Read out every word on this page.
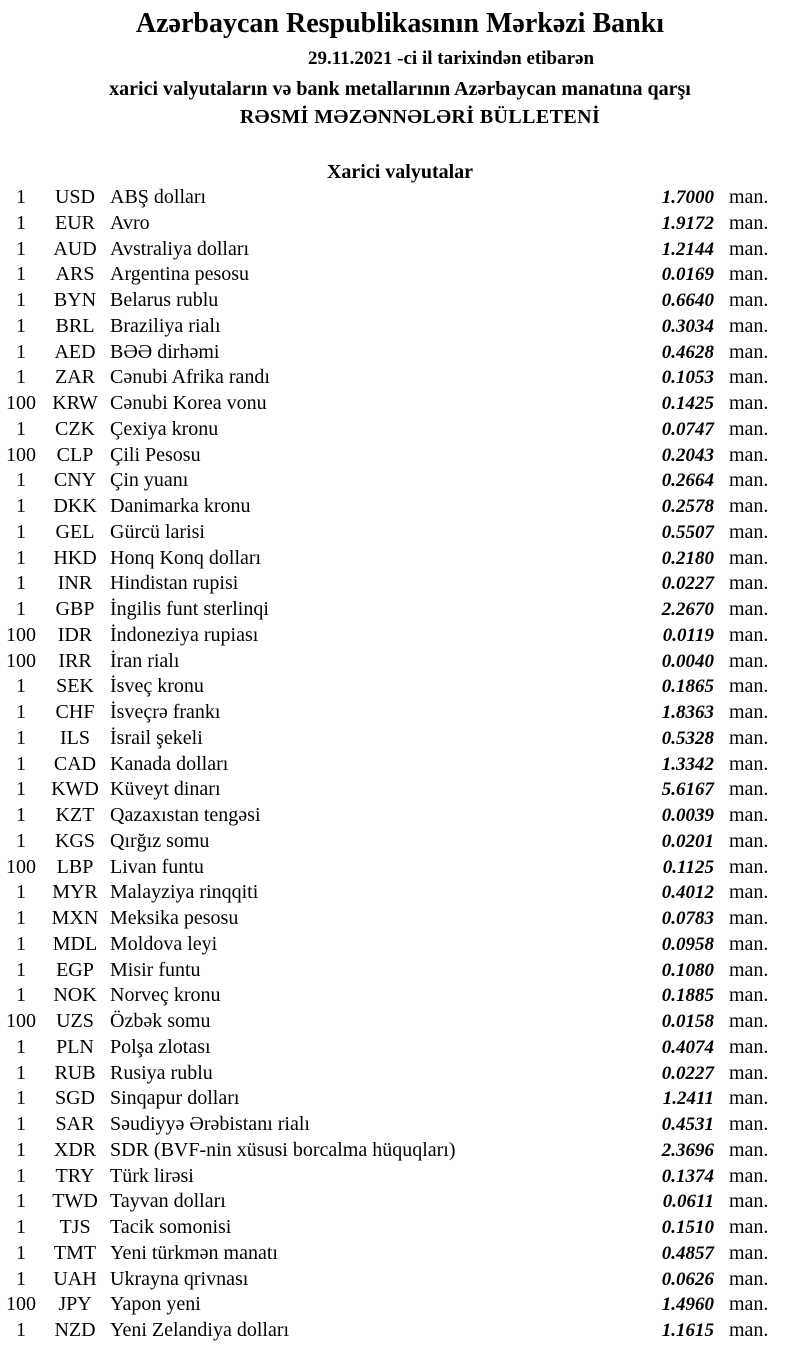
Azərbaycan Respublikasının Mərkəzi Bankı
29.11.2021 -ci il tarixindən etibarən
xarici valyutaların və bank metallarının Azərbaycan manatına qarşı
RƏSMİ MƏZƏNNƏLƏRİ BÜLLETENİ
Xarici valyutalar
1	USD ABŞ dolları	1.7000 man.
1	EUR Avro	1.9172 man.
1	AUD Avstraliya dolları	1.2144 man.
1	ARS Argentina pesosu	0.0169 man.
1	BYN Belarus rublu	0.6640 man.
1	BRL Braziliya rialı	0.3034 man.
1	AED BƏƏ dirhəmi	0.4628 man.
1	ZAR Cənubi Afrika randı	0.1053 man.
100 KRW Cənubi Korea vonu	0.1425 man.
1	CZK Çexiya kronu	0.0747 man.
100	CLP Çili Pesosu	0.2043 man.
1	CNY Çin yuanı	0.2664 man.
1	DKK Danimarka kronu	0.2578 man.
1	GEL Gürcü larisi	0.5507 man.
1	HKD Honq Konq dolları	0.2180 man.
1	INR Hindistan rupisi	0.0227 man.
1	GBP İngilis funt sterlinqi	2.2670 man.
100	IDR İndoneziya rupiası	0.0119 man.
100	IRR İran rialı	0.0040 man.
1	SEK İsveç kronu	0.1865 man.
1	CHF İsveçrə frankı	1.8363 man.
1	ILS	İsrail şekeli	0.5328 man.
1	CAD Kanada dolları	1.3342 man.
1	KWD Küveyt dinarı	5.6167 man.
1	KZT Qazaxıstan tengəsi	0.0039 man.
1	KGS Qırğız somu	0.0201 man.
100	LBP Livan funtu	0.1125 man.
1	MYR Malayziya rinqqiti	0.4012 man.
1	MXN Meksika pesosu	0.0783 man.
1	MDL Moldova leyi	0.0958 man.
1	EGP Misir funtu	0.1080 man.
1	NOK Norveç kronu	0.1885 man.
100	UZS Özbək somu	0.0158 man.
1	PLN Polşa zlotası	0.4074 man.
1	RUB Rusiya rublu	0.0227 man.
1	SGD Sinqapur dolları	1.2411 man.
1	SAR Səudiyyə Ərəbistanı rialı	0.4531 man.
1	XDR SDR (BVF-nin xüsusi borcalma hüquqları)	2.3696 man.
1	TRY Türk lirəsi	0.1374 man.
1	TWD Tayvan dolları	0.0611 man.
1	TJS Tacik somonisi	0.1510 man.
1	TMT Yeni türkmən manatı	0.4857 man.
1	UAH Ukrayna qrivnası	0.0626 man.
100	JPY Yapon yeni	1.4960 man.
1	NZD Yeni Zelandiya dolları	1.1615 man.
